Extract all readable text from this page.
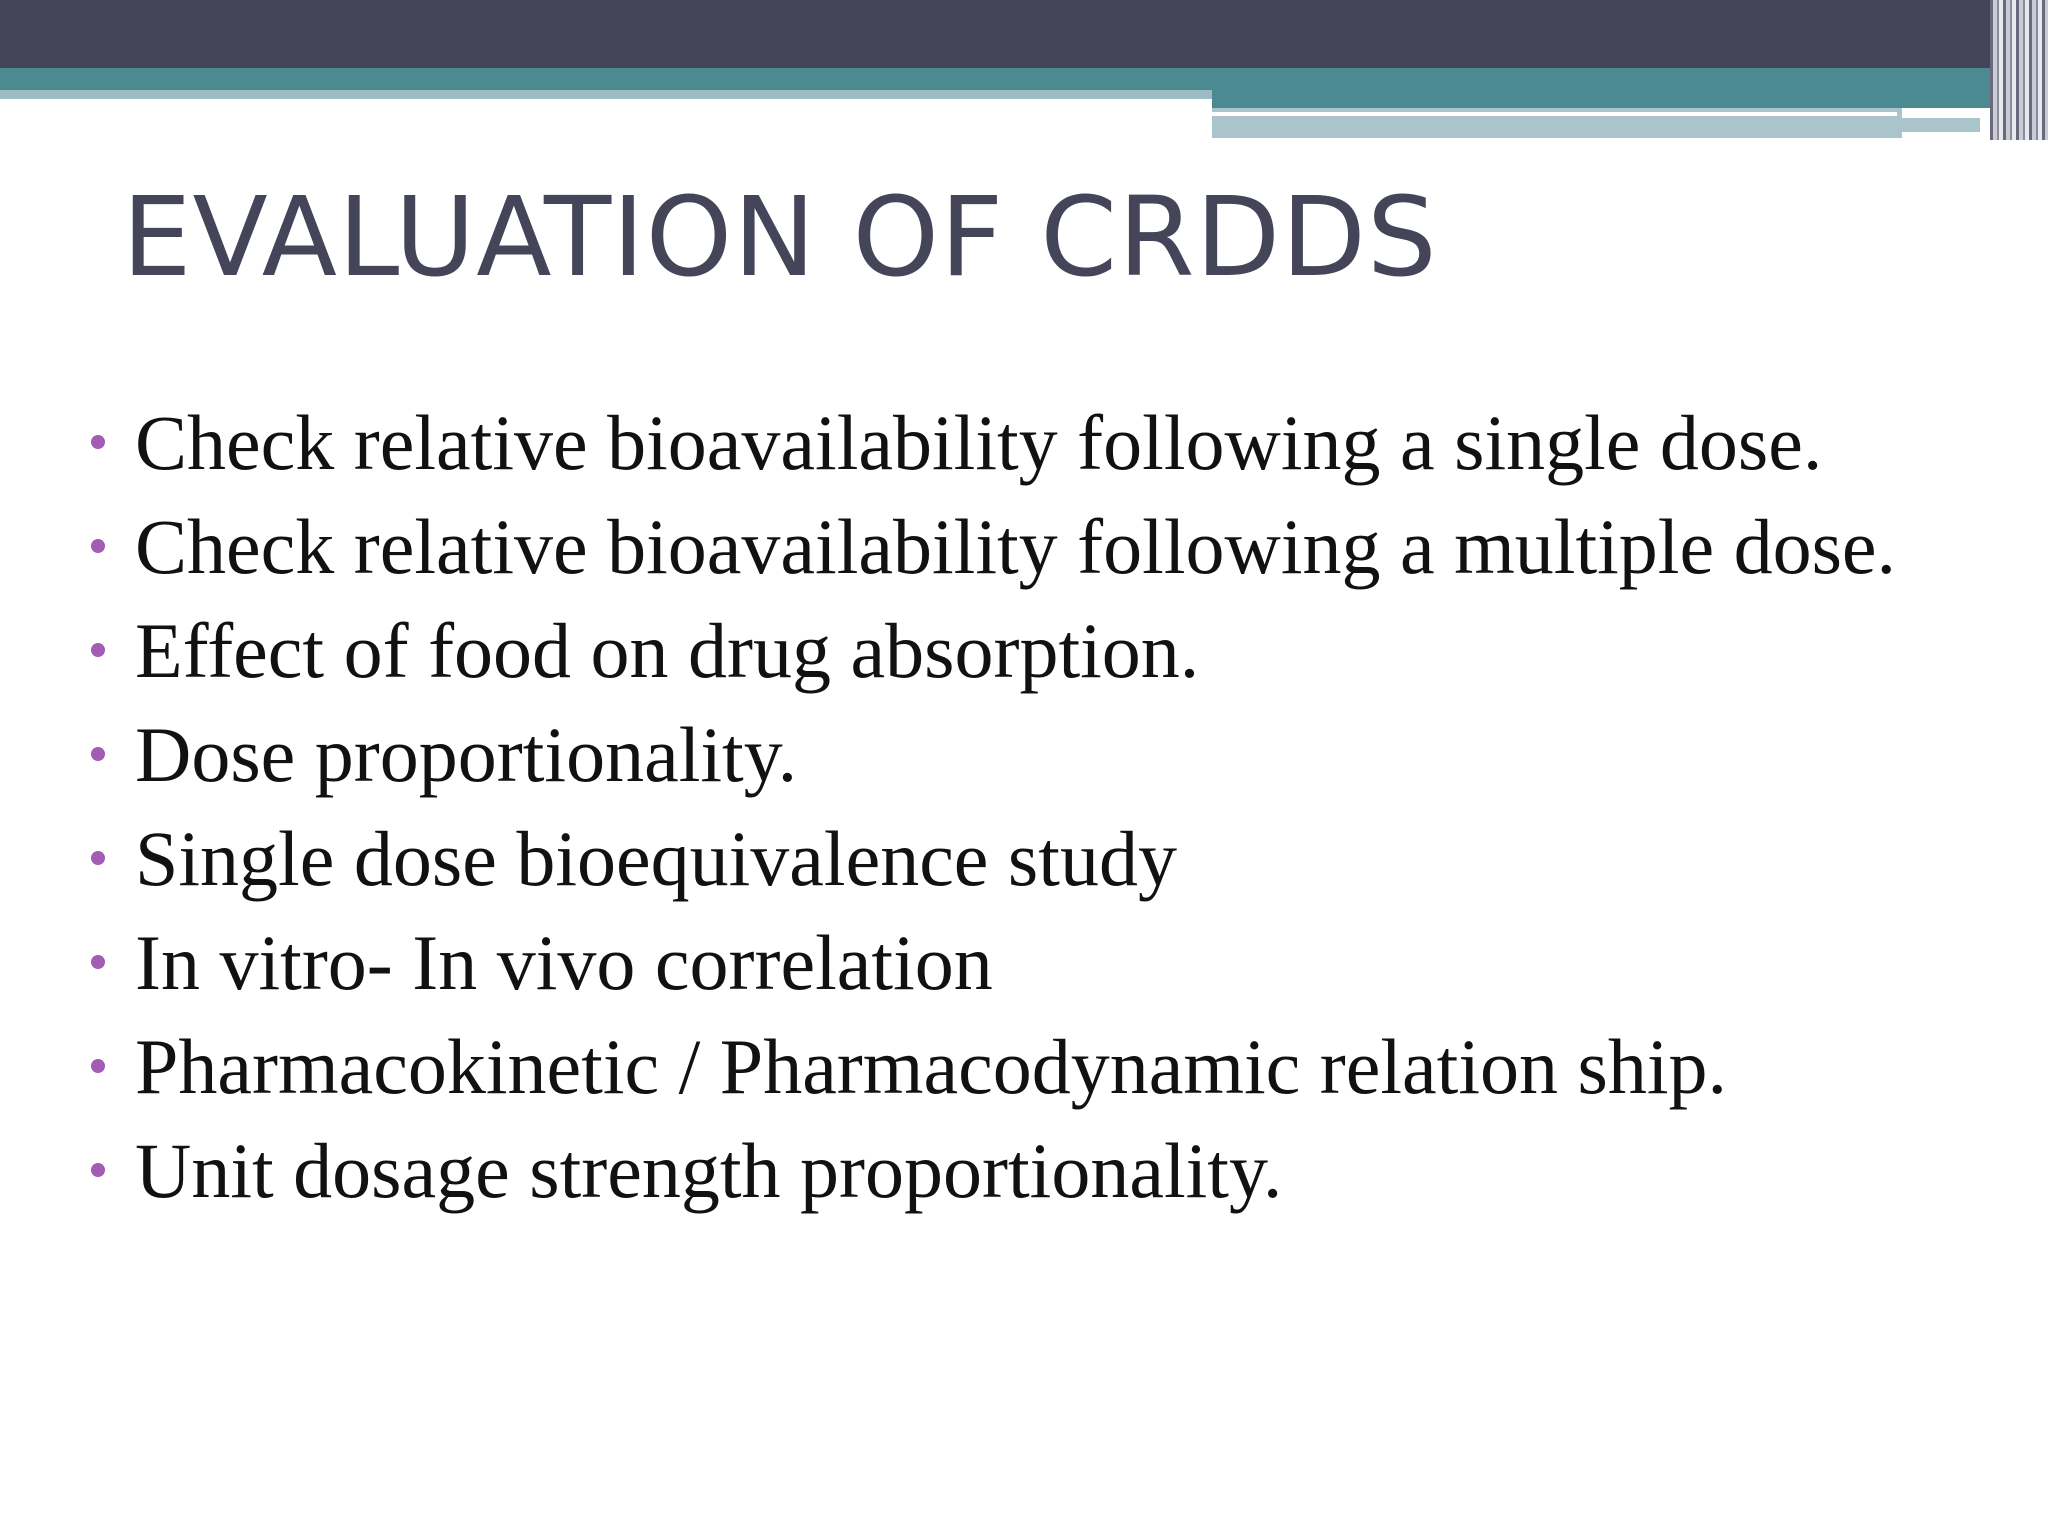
EVALUATION OF CRDDS
Check relative bioavailability following a single dose.
Check relative bioavailability following a multiple dose.
Effect of food on drug absorption.
Dose proportionality.
Single dose bioequivalence study
In vitro- In vivo correlation
Pharmacokinetic / Pharmacodynamic relation ship.
Unit dosage strength proportionality.
